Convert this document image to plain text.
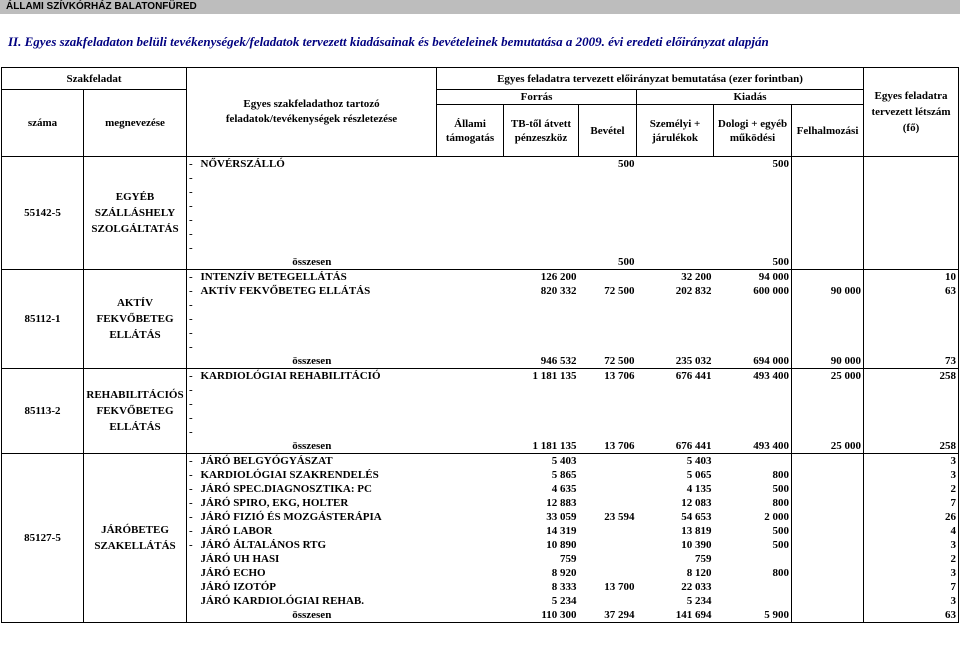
ÁLLAMI SZÍVKÓRHÁZ BALATONFÜRED
II. Egyes szakfeladaton belüli tevékenységek/feladatok tervezett kiadásainak és bevételeinek bemutatása a 2009. évi eredeti előirányzat alapján
Szakfeladat		Egyes szakfeladathoz tartozó feladatok/tevékenységek részletezése		Egyes feladatra tervezett előirányzat bemutatása (ezer forintban)						Egyes feladatra tervezett létszám (fő)
száma	megnevezése			Forrás			Kiadás			
				Állami támogatás	TB-től átvett pénzeszköz	Bevétel	Személyi + járulékok	Dologi + egyéb működési	Felhalmozási	
55142-5	EGYÉB SZÁLLÁSHELY SZOLGÁLTATÁS	-	NŐVÉRSZÁLLÓ			500		500		
		-								
		-								
		-								
		-								
		-								
		-								
		összesen				500		500		
85112-1	AKTÍV FEKVŐBETEG ELLÁTÁS	-	INTENZÍV BETEGELLÁTÁS		126 200		32 200	94 000		10
		-	AKTÍV FEKVŐBETEG ELLÁTÁS		820 332	72 500	202 832	600 000	90 000	63
		-								
		-								
		-								
		-								
		összesen			946 532	72 500	235 032	694 000	90 000	73
85113-2	REHABILITÁCIÓS FEKVŐBETEG ELLÁTÁS	-	KARDIOLÓGIAI REHABILITÁCIÓ		1 181 135	13 706	676 441	493 400	25 000	258
		-								
		-								
		-								
		-								
		összesen			1 181 135	13 706	676 441	493 400	25 000	258
85127-5	JÁRÓBETEG SZAKELLÁTÁS	-	JÁRÓ BELGYÓGYÁSZAT		5 403		5 403			3
		-	KARDIOLÓGIAI SZAKRENDELÉS		5 865		5 065	800		3
		-	JÁRÓ SPEC.DIAGNOSZTIKA: PC		4 635		4 135	500		2
		-	JÁRÓ SPIRO, EKG, HOLTER		12 883		12 083	800		7
		-	JÁRÓ FIZIÓ ÉS MOZGÁSTERÁPIA		33 059	23 594	54 653	2 000		26
		-	JÁRÓ LABOR		14 319		13 819	500		4
		-	JÁRÓ ÁLTALÁNOS RTG		10 890		10 390	500		3
			JÁRÓ UH HASI		759		759			2
			JÁRÓ ECHO		8 920		8 120	800		3
			JÁRÓ IZOTÓP		8 333	13 700	22 033			7
			JÁRÓ KARDIOLÓGIAI REHAB.		5 234		5 234			3
		összesen			110 300	37 294	141 694	5 900		63
